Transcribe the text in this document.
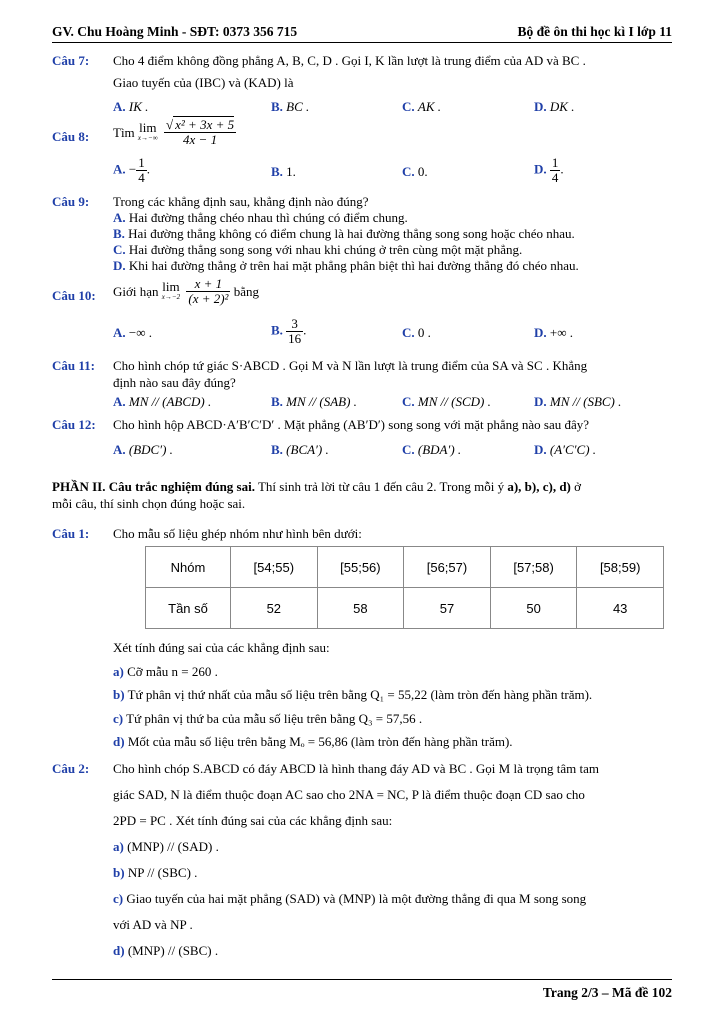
GV. Chu Hoàng Minh - SĐT: 0373 356 715	Bộ đề ôn thi học kì I lớp 11
Câu 7: Cho 4 điểm không đồng phẳng A, B, C, D . Gọi I, K lần lượt là trung điểm của AD và BC .
Giao tuyến của (IBC) và (KAD) là
A. IK .	B. BC .	C. AK .	D. DK .
Câu 8: Tìm lim
x→−∞
$\frac{\text{√ x² + 3x + 5}}{4x - 1}$
A. − $\frac{1}{4}$ .	B. 1.	C. 0.	D. $\frac{1}{4}$ .
Câu 9: Trong các khẳng định sau, khẳng định nào đúng?
A. Hai đường thẳng chéo nhau thì chúng có điểm chung.
B. Hai đường thẳng không có điểm chung là hai đường thẳng song song hoặc chéo nhau.
C. Hai đường thẳng song song với nhau khi chúng ở trên cùng một mặt phẳng.
D. Khi hai đường thẳng ở trên hai mặt phẳng phân biệt thì hai đường thẳng đó chéo nhau.
Câu 10: Giới hạn lim
x→−2
$\frac{x + 1}{\text{(x + 2)²}}$ bằng
A. −∞ .	B. $\frac{3}{16}$ .	C. 0 .	D. +∞ .
Câu 11: Cho hình chóp tứ giác S·ABCD . Gọi M và N lần lượt là trung điểm của SA và SC . Khẳng
định nào sau đây đúng?
A. MN // (ABCD) .	B. MN // (SAB) .	C. MN // (SCD) .	D. MN // (SBC) .
Câu 12: Cho hình hộp ABCD·A′B′C′D′ . Mặt phẳng (AB′D′) song song với mặt phẳng nào sau đây?
A. (BDC′) .	B. (BCA′) .	C. (BDA′) .	D. (A′C′C) .
PHẦN II. Câu trắc nghiệm đúng sai. Thí sinh trả lời từ câu 1 đến câu 2. Trong mỗi ý a), b), c), d) ở
mỗi câu, thí sinh chọn đúng hoặc sai.
Câu 1: Cho mẫu số liệu ghép nhóm như hình bên dưới:
Nhóm	[54;55)	[55;56)	[56;57)	[57;58)	[58;59)
Tần số	52	58	57	50	43
Xét tính đúng sai của các khẳng định sau:
a) Cỡ mẫu n = 260 .
b) Tứ phân vị thứ nhất của mẫu số liệu trên bằng Q₁ = 55,22 (làm tròn đến hàng phần trăm).
c) Tứ phân vị thứ ba của mẫu số liệu trên bằng Q₃ = 57,56 .
d) Mốt của mẫu số liệu trên bằng Mₒ = 56,86 (làm tròn đến hàng phần trăm).
Câu 2: Cho hình chóp S.ABCD có đáy ABCD là hình thang đáy AD và BC . Gọi M là trọng tâm tam
giác SAD, N là điểm thuộc đoạn AC sao cho 2NA = NC, P là điểm thuộc đoạn CD sao cho
2PD = PC . Xét tính đúng sai của các khẳng định sau:
a) (MNP) // (SAD) .
b) NP // (SBC) .
c) Giao tuyến của hai mặt phẳng (SAD) và (MNP) là một đường thẳng đi qua M song song
với AD và NP .
d) (MNP) // (SBC) .
Trang 2/3 – Mã đề 102
